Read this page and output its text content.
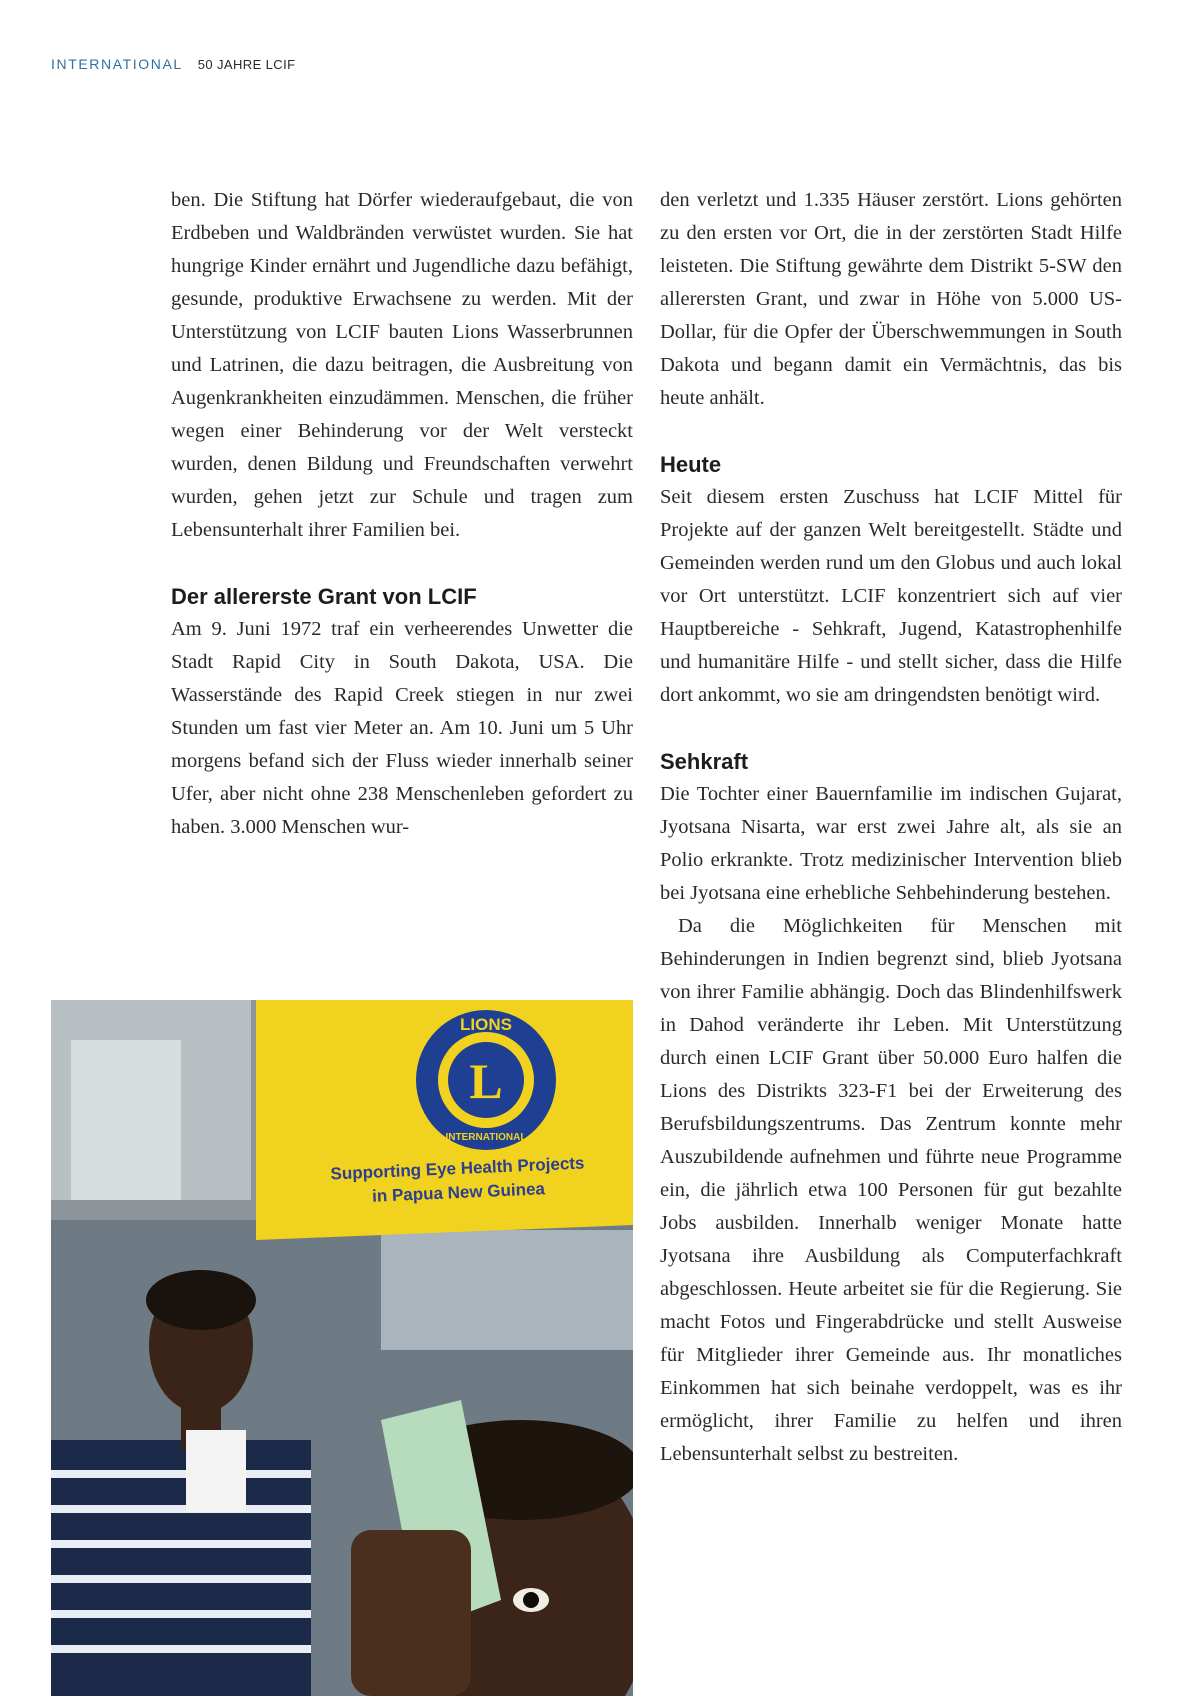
INTERNATIONAL 50 JAHRE LCIF

ben. Die Stiftung hat Dörfer wiederaufgebaut, die von Erdbeben und Waldbränden verwüstet wurden. Sie hat hungrige Kinder ernährt und Jugendliche dazu befähigt, gesunde, produktive Erwachsene zu werden. Mit der Unterstützung von LCIF bauten Lions Wasserbrunnen und Latrinen, die dazu beitragen, die Ausbreitung von Augenkrankheiten einzudämmen. Menschen, die früher wegen einer Behinderung vor der Welt versteckt wurden, denen Bildung und Freundschaften verwehrt wurden, gehen jetzt zur Schule und tragen zum Lebensunterhalt ihrer Familien bei.

Der allererste Grant von LCIF

Am 9. Juni 1972 traf ein verheerendes Unwetter die Stadt Rapid City in South Dakota, USA. Die Wasserstände des Rapid Creek stiegen in nur zwei Stunden um fast vier Meter an. Am 10. Juni um 5 Uhr morgens befand sich der Fluss wieder innerhalb seiner Ufer, aber nicht ohne 238 Menschenleben gefordert zu haben. 3.000 Menschen wur-

den verletzt und 1.335 Häuser zerstört. Lions gehörten zu den ersten vor Ort, die in der zerstörten Stadt Hilfe leisteten. Die Stiftung gewährte dem Distrikt 5-SW den allerersten Grant, und zwar in Höhe von 5.000 US-Dollar, für die Opfer der Überschwemmungen in South Dakota und begann damit ein Vermächtnis, das bis heute anhält.

Heute

Seit diesem ersten Zuschuss hat LCIF Mittel für Projekte auf der ganzen Welt bereitgestellt. Städte und Gemeinden werden rund um den Globus und auch lokal vor Ort unterstützt. LCIF konzentriert sich auf vier Hauptbereiche - Sehkraft, Jugend, Katastrophenhilfe und humanitäre Hilfe - und stellt sicher, dass die Hilfe dort ankommt, wo sie am dringendsten benötigt wird.

Sehkraft

Die Tochter einer Bauernfamilie im indischen Gujarat, Jyotsana Nisarta, war erst zwei Jahre alt, als sie an Polio erkrankte. Trotz medizinischer Intervention blieb bei Jyotsana eine erhebliche Sehbehinderung bestehen.

Da die Möglichkeiten für Menschen mit Behinderungen in Indien begrenzt sind, blieb Jyotsana von ihrer Familie abhängig. Doch das Blindenhilfswerk in Dahod veränderte ihr Leben. Mit Unterstützung durch einen LCIF Grant über 50.000 Euro halfen die Lions des Distrikts 323-F1 bei der Erweiterung des Berufsbildungszentrums. Das Zentrum konnte mehr Auszubildende aufnehmen und führte neue Programme ein, die jährlich etwa 100 Personen für gut bezahlte Jobs ausbilden. Innerhalb weniger Monate hatte Jyotsana ihre Ausbildung als Computerfachkraft abgeschlossen. Heute arbeitet sie für die Regierung. Sie macht Fotos und Fingerabdrücke und stellt Ausweise für Mitglieder ihrer Gemeinde aus. Ihr monatliches Einkommen hat sich beinahe verdoppelt, was es ihr ermöglicht, ihrer Familie zu helfen und ihren Lebensunterhalt selbst zu bestreiten.

L
LIONS
INTERNATIONAL
Supporting Eye Health Projects
in Papua New Guinea
